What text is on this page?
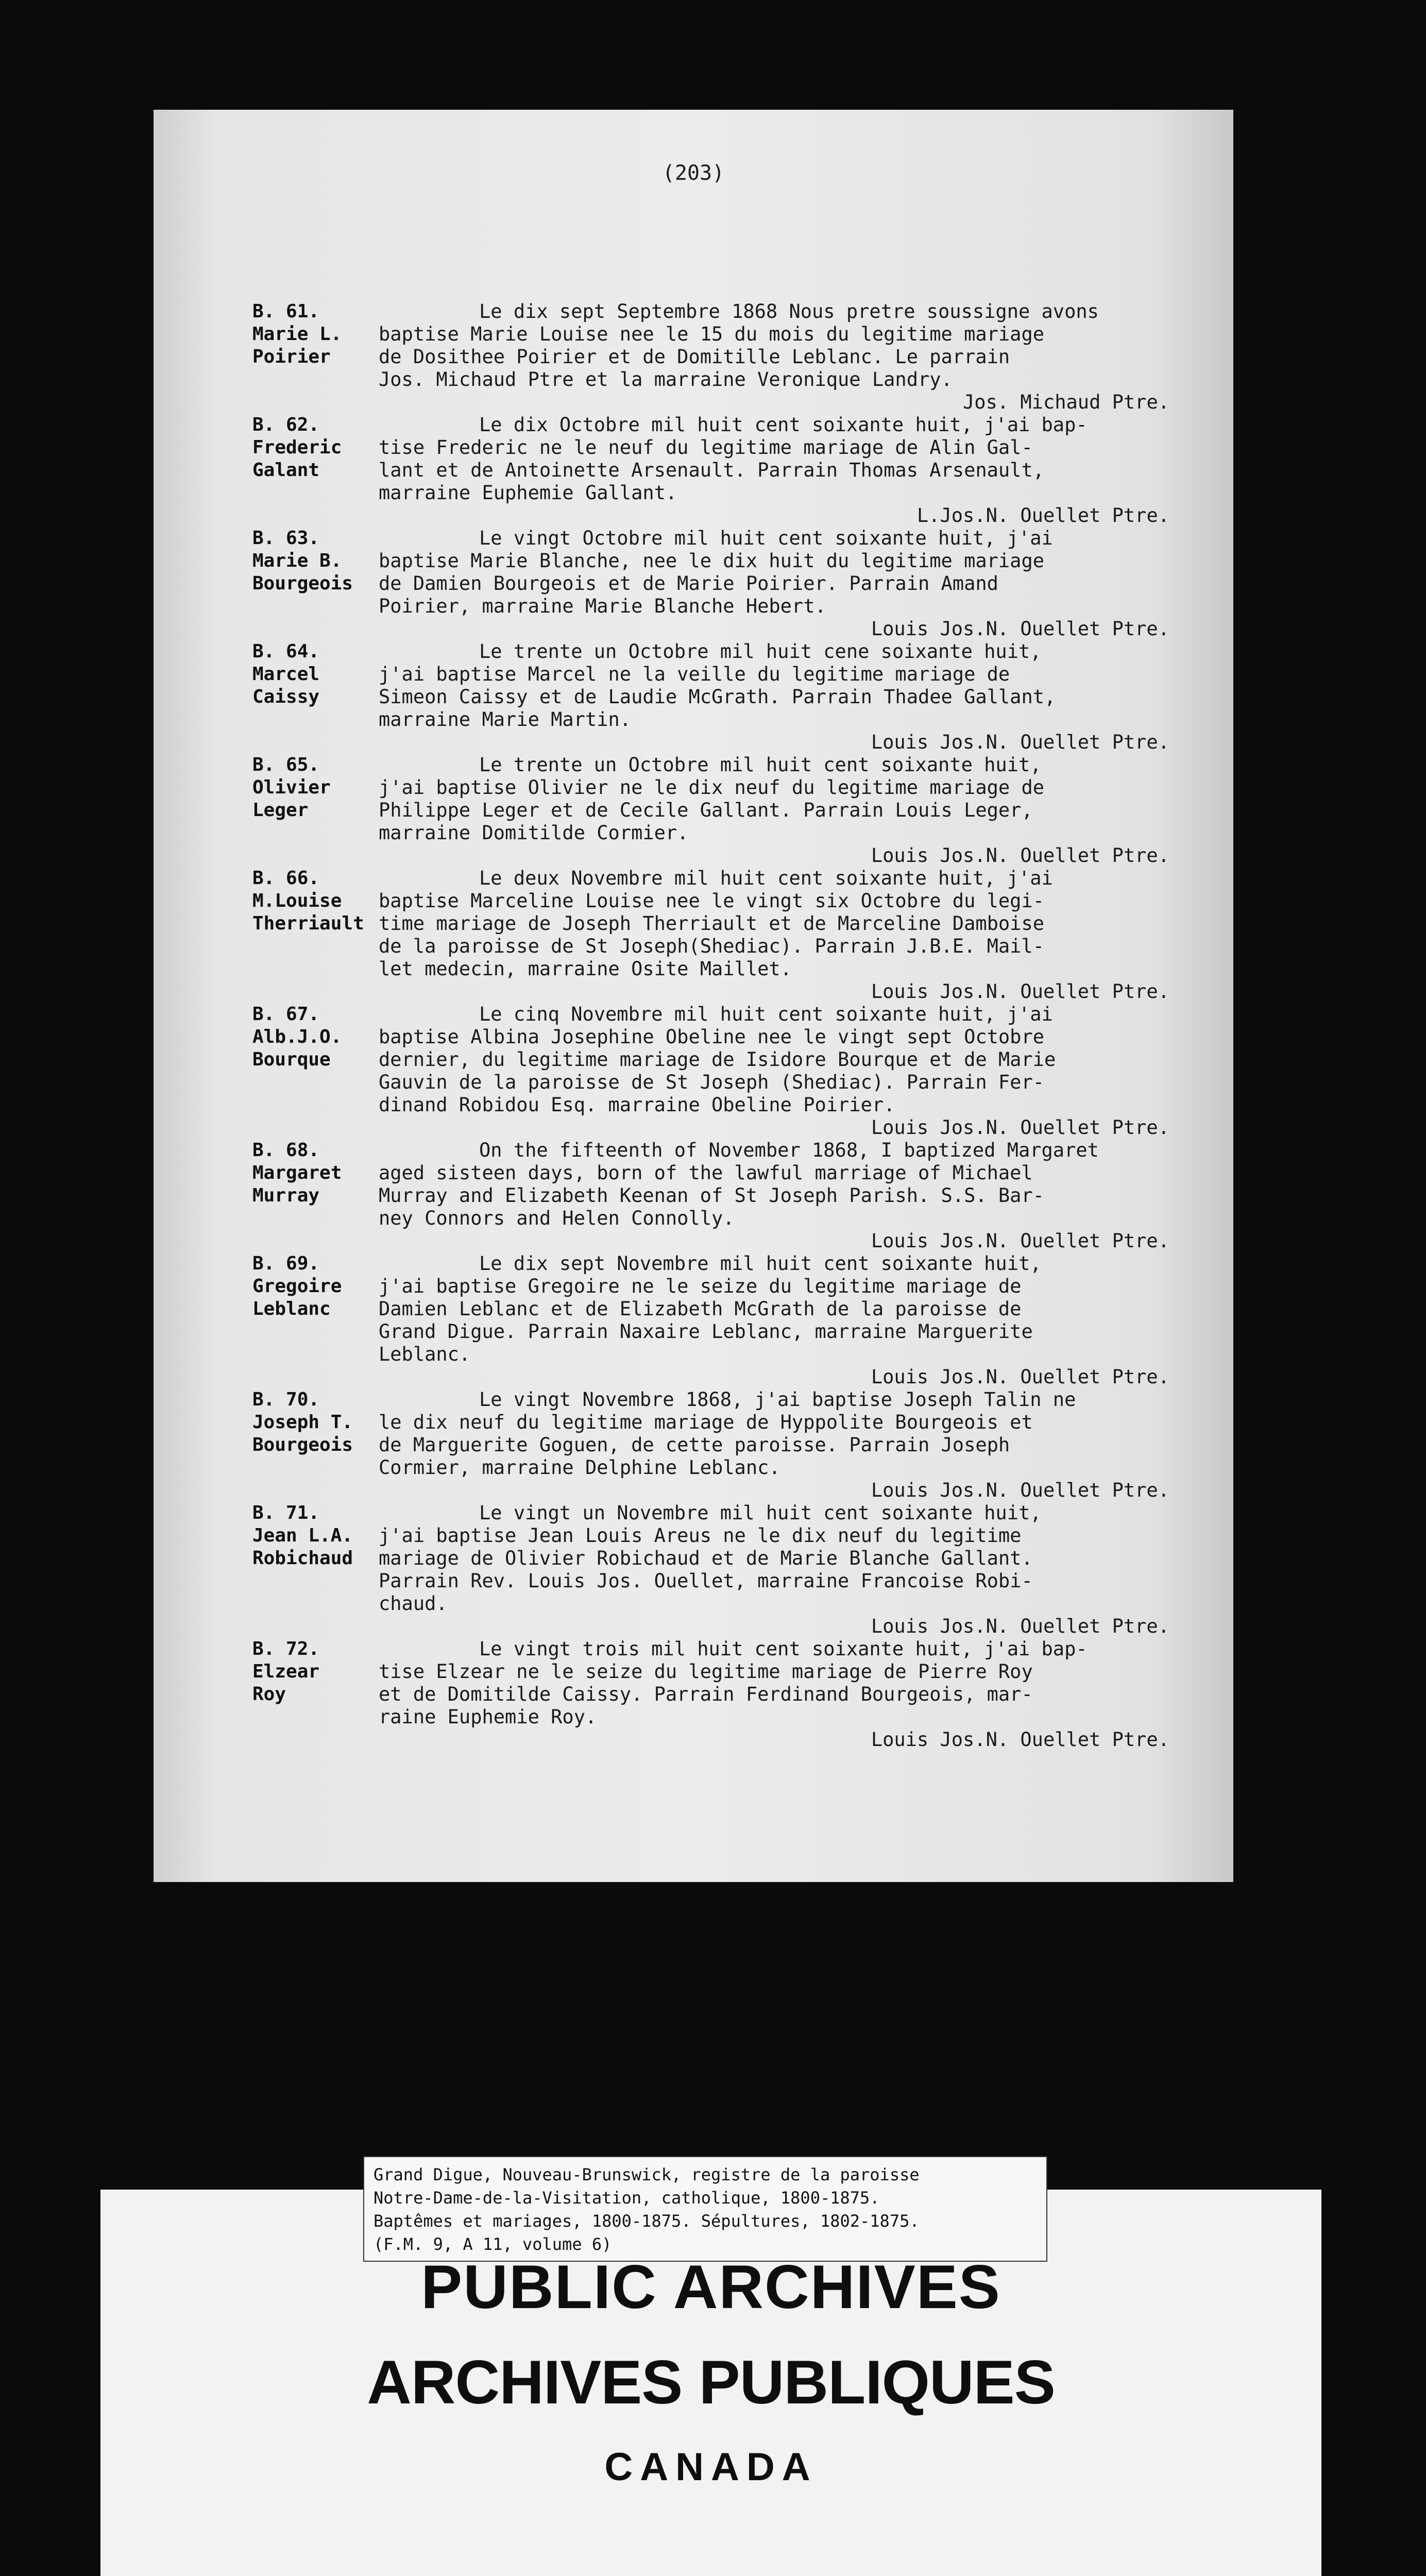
(203)
B. 61.
Marie L.
Poirier
Le dix sept Septembre 1868 Nous pretre soussigne avons
baptise Marie Louise nee le 15 du mois du legitime mariage
de Dosithee Poirier et de Domitille Leblanc. Le parrain
Jos. Michaud Ptre et la marraine Veronique Landry.
Jos. Michaud Ptre.
B. 62.
Frederic
Galant
Le dix Octobre mil huit cent soixante huit, j'ai bap-
tise Frederic ne le neuf du legitime mariage de Alin Gal-
lant et de Antoinette Arsenault. Parrain Thomas Arsenault,
marraine Euphemie Gallant.
L.Jos.N. Ouellet Ptre.
B. 63.
Marie B.
Bourgeois
Le vingt Octobre mil huit cent soixante huit, j'ai
baptise Marie Blanche, nee le dix huit du legitime mariage
de Damien Bourgeois et de Marie Poirier. Parrain Amand
Poirier, marraine Marie Blanche Hebert.
Louis Jos.N. Ouellet Ptre.
B. 64.
Marcel
Caissy
Le trente un Octobre mil huit cene soixante huit,
j'ai baptise Marcel ne la veille du legitime mariage de
Simeon Caissy et de Laudie McGrath. Parrain Thadee Gallant,
marraine Marie Martin.
Louis Jos.N. Ouellet Ptre.
B. 65.
Olivier
Leger
Le trente un Octobre mil huit cent soixante huit,
j'ai baptise Olivier ne le dix neuf du legitime mariage de
Philippe Leger et de Cecile Gallant. Parrain Louis Leger,
marraine Domitilde Cormier.
Louis Jos.N. Ouellet Ptre.
B. 66.
M.Louise
Therriault
Le deux Novembre mil huit cent soixante huit, j'ai
baptise Marceline Louise nee le vingt six Octobre du legi-
time mariage de Joseph Therriault et de Marceline Damboise
de la paroisse de St Joseph(Shediac). Parrain J.B.E. Mail-
let medecin, marraine Osite Maillet.
Louis Jos.N. Ouellet Ptre.
B. 67.
Alb.J.O.
Bourque
Le cinq Novembre mil huit cent soixante huit, j'ai
baptise Albina Josephine Obeline nee le vingt sept Octobre
dernier, du legitime mariage de Isidore Bourque et de Marie
Gauvin de la paroisse de St Joseph (Shediac). Parrain Fer-
dinand Robidou Esq. marraine Obeline Poirier.
Louis Jos.N. Ouellet Ptre.
B. 68.
Margaret
Murray
On the fifteenth of November 1868, I baptized Margaret
aged sisteen days, born of the lawful marriage of Michael
Murray and Elizabeth Keenan of St Joseph Parish. S.S. Bar-
ney Connors and Helen Connolly.
Louis Jos.N. Ouellet Ptre.
B. 69.
Gregoire
Leblanc
Le dix sept Novembre mil huit cent soixante huit,
j'ai baptise Gregoire ne le seize du legitime mariage de
Damien Leblanc et de Elizabeth McGrath de la paroisse de
Grand Digue. Parrain Naxaire Leblanc, marraine Marguerite
Leblanc.
Louis Jos.N. Ouellet Ptre.
B. 70.
Joseph T.
Bourgeois
Le vingt Novembre 1868, j'ai baptise Joseph Talin ne
le dix neuf du legitime mariage de Hyppolite Bourgeois et
de Marguerite Goguen, de cette paroisse. Parrain Joseph
Cormier, marraine Delphine Leblanc.
Louis Jos.N. Ouellet Ptre.
B. 71.
Jean L.A.
Robichaud
Le vingt un Novembre mil huit cent soixante huit,
j'ai baptise Jean Louis Areus ne le dix neuf du legitime
mariage de Olivier Robichaud et de Marie Blanche Gallant.
Parrain Rev. Louis Jos. Ouellet, marraine Francoise Robi-
chaud.
Louis Jos.N. Ouellet Ptre.
B. 72.
Elzear
Roy
Le vingt trois mil huit cent soixante huit, j'ai bap-
tise Elzear ne le seize du legitime mariage de Pierre Roy
et de Domitilde Caissy. Parrain Ferdinand Bourgeois, mar-
raine Euphemie Roy.
Louis Jos.N. Ouellet Ptre.
Grand Digue, Nouveau-Brunswick, registre de la paroisse
Notre-Dame-de-la-Visitation, catholique, 1800-1875.
Baptêmes et mariages, 1800-1875. Sépultures, 1802-1875.
(F.M. 9, A 11, volume 6)
PUBLIC ARCHIVES
ARCHIVES PUBLIQUES
CANADA
